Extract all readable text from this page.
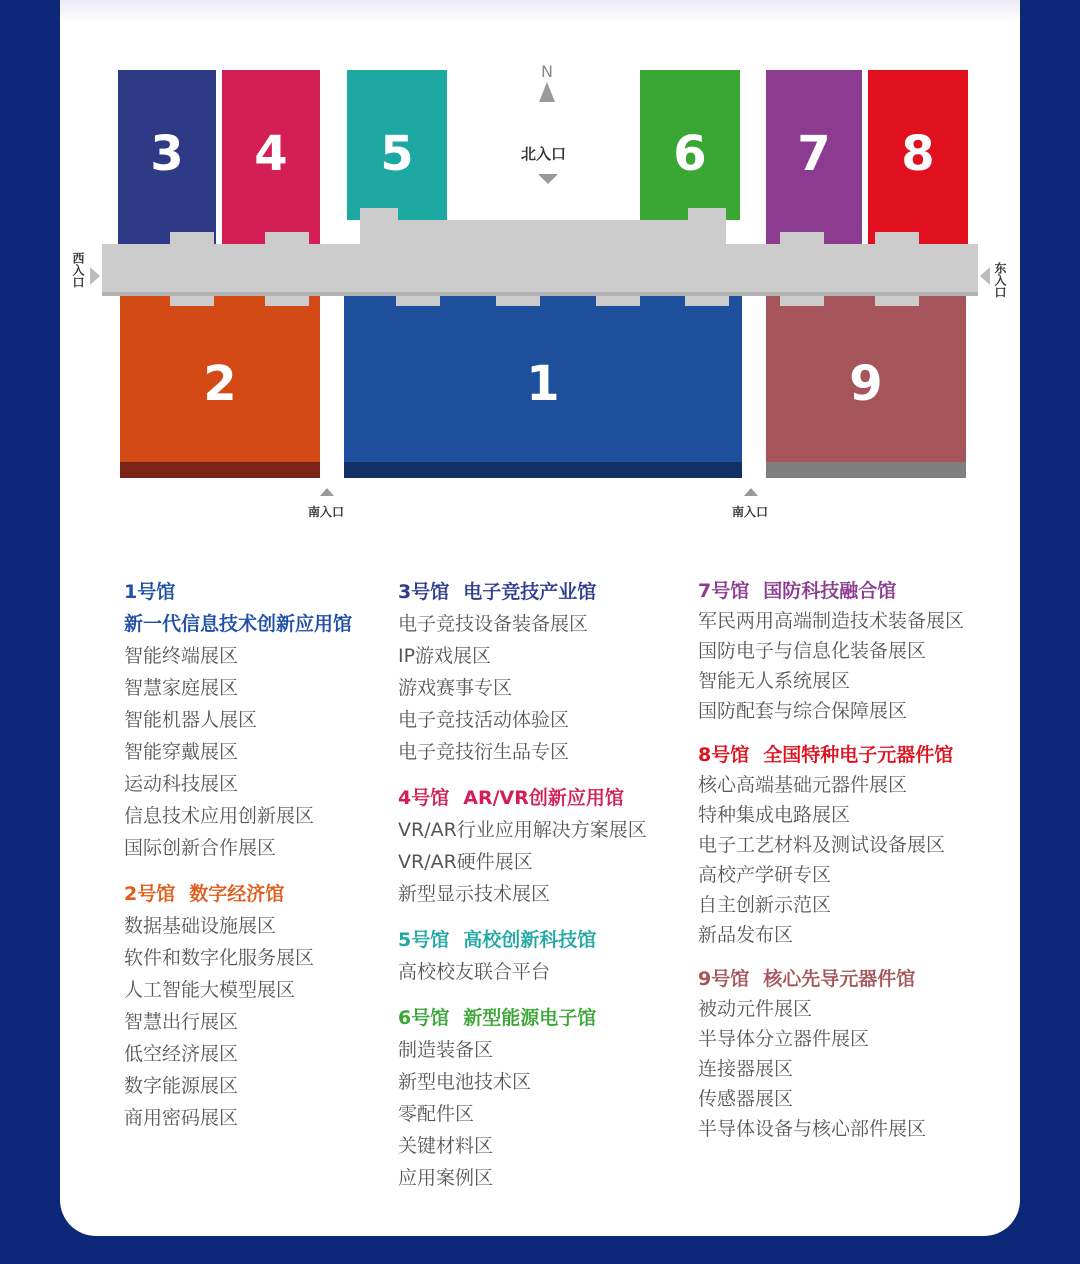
3 4 5	6 7 8
2	1	9
N
北入口
南入口	南入口
西入口	东入口
1号馆
新一代信息技术创新应用馆
智能终端展区
智慧家庭展区
智能机器人展区
智能穿戴展区
运动科技展区
信息技术应用创新展区
国际创新合作展区
2号馆 数字经济馆
数据基础设施展区
软件和数字化服务展区
人工智能大模型展区
智慧出行展区
低空经济展区
数字能源展区
商用密码展区
3号馆 电子竞技产业馆
电子竞技设备装备展区
IP游戏展区
游戏赛事专区
电子竞技活动体验区
电子竞技衍生品专区
4号馆 AR/VR创新应用馆
VR/AR行业应用解决方案展区
VR/AR硬件展区
新型显示技术展区
5号馆 高校创新科技馆
高校校友联合平台
6号馆 新型能源电子馆
制造装备区
新型电池技术区
零配件区
关键材料区
应用案例区
7号馆 国防科技融合馆
军民两用高端制造技术装备展区
国防电子与信息化装备展区
智能无人系统展区
国防配套与综合保障展区
8号馆 全国特种电子元器件馆
核心高端基础元器件展区
特种集成电路展区
电子工艺材料及测试设备展区
高校产学研专区
自主创新示范区
新品发布区
9号馆 核心先导元器件馆
被动元件展区
半导体分立器件展区
连接器展区
传感器展区
半导体设备与核心部件展区
